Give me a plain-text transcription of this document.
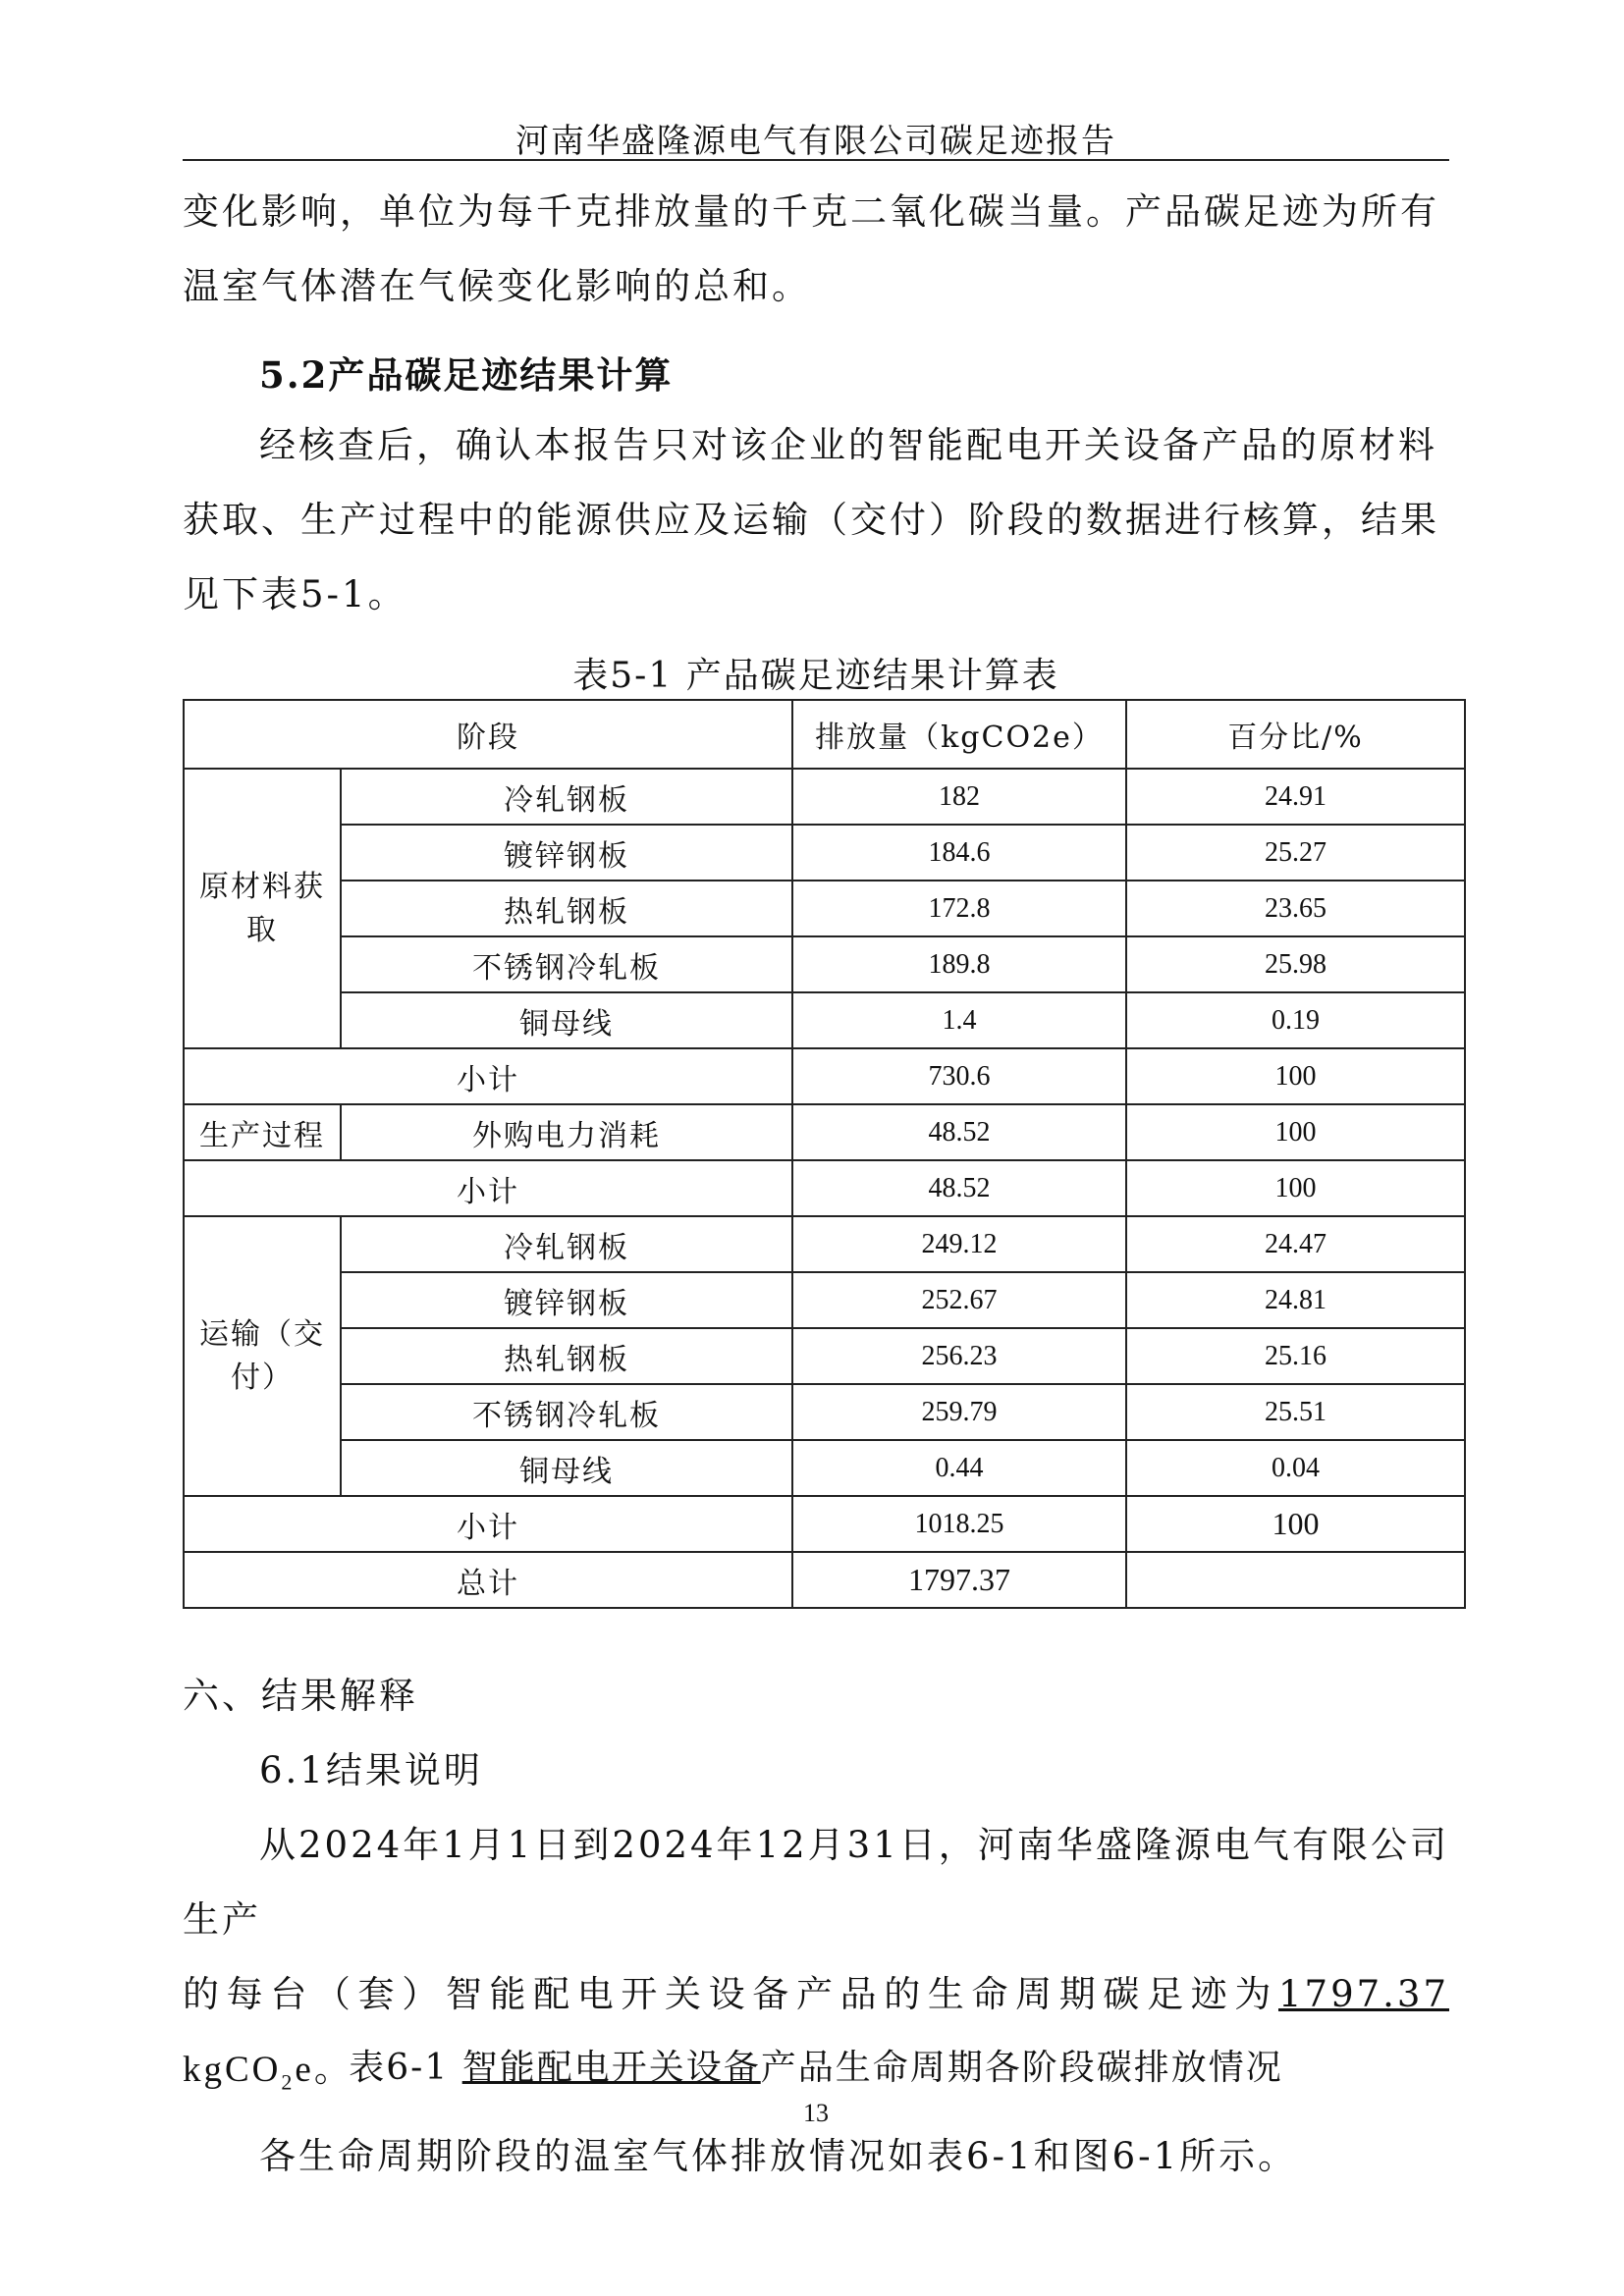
河南华盛隆源电气有限公司碳足迹报告
变化影响，单位为每千克排放量的千克二氧化碳当量。产品碳足迹为所有
温室气体潜在气候变化影响的总和。
5.2产品碳足迹结果计算
经核查后，确认本报告只对该企业的智能配电开关设备产品的原材料
获取、生产过程中的能源供应及运输（交付）阶段的数据进行核算，结果
见下表5-1。
表5-1 产品碳足迹结果计算表
阶段		排放量（kgCO2e）	百分比/%
原材料获取	冷轧钢板	182	24.91
	镀锌钢板	184.6	25.27
	热轧钢板	172.8	23.65
	不锈钢冷轧板	189.8	25.98
	铜母线	1.4	0.19
小计		730.6	100
生产过程	外购电力消耗	48.52	100
小计		48.52	100
运输（交付）	冷轧钢板	249.12	24.47
	镀锌钢板	252.67	24.81
	热轧钢板	256.23	25.16
	不锈钢冷轧板	259.79	25.51
	铜母线	0.44	0.04
小计		1018.25	100
总计		1797.37	
六、结果解释
6.1结果说明
从2024年1月1日到2024年12月31日，河南华盛隆源电气有限公司生产
的每台（套）智能配电开关设备产品的生命周期碳足迹为1797.37 kgCO$_2$e。
各生命周期阶段的温室气体排放情况如表6-1和图6-1所示。
表6-1 智能配电开关设备产品生命周期各阶段碳排放情况
13
